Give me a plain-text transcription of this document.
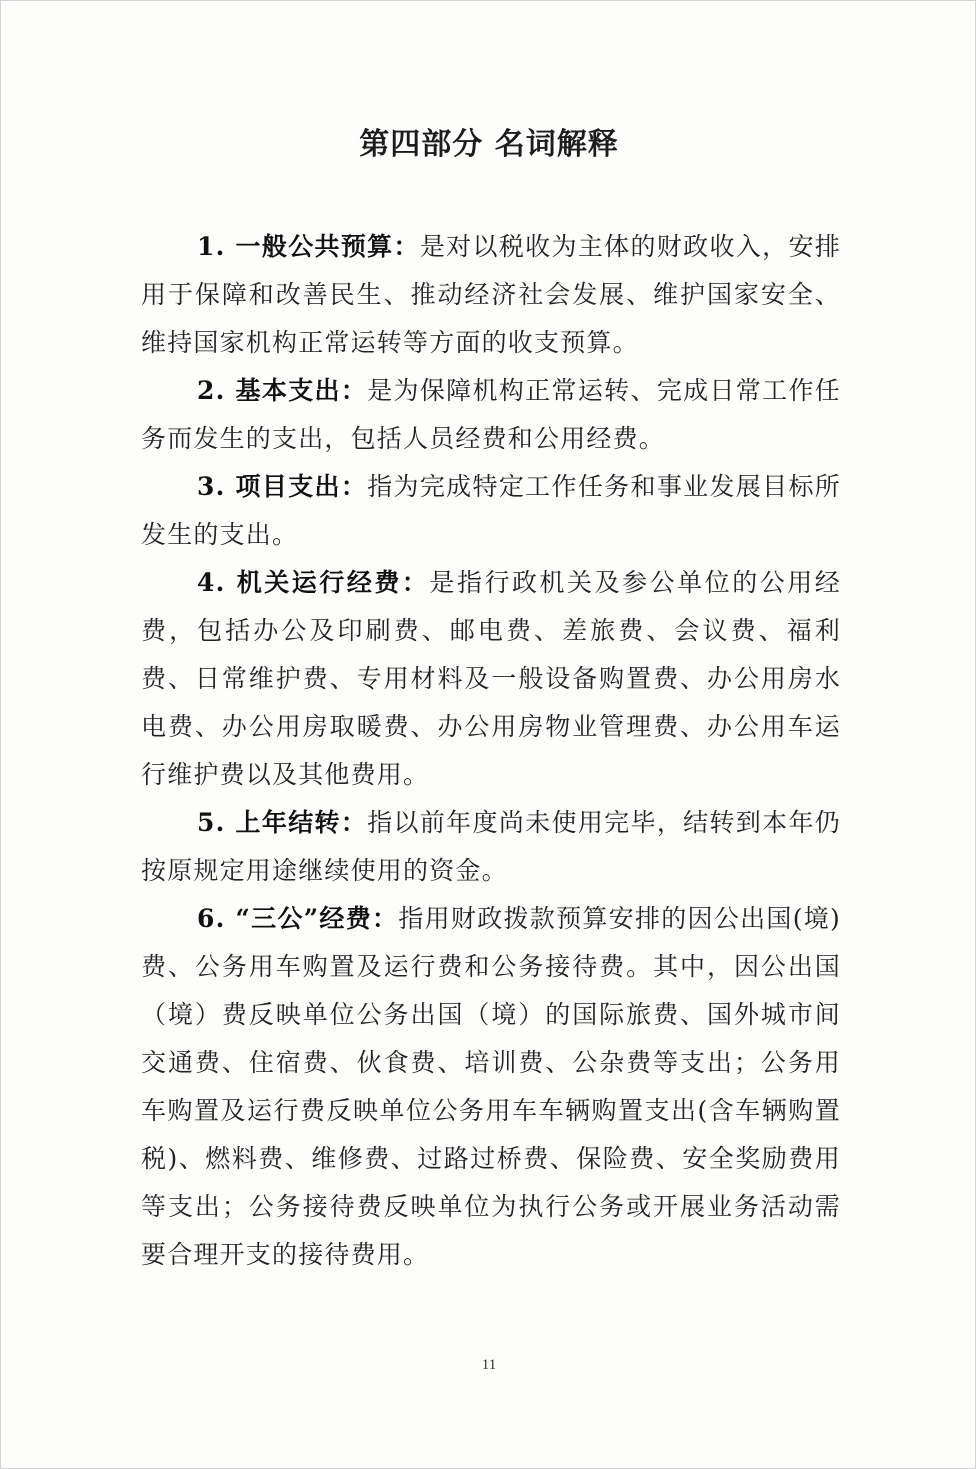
第四部分 名词解释

1. 一般公共预算：是对以税收为主体的财政收入，安排用于保障和改善民生、推动经济社会发展、维护国家安全、维持国家机构正常运转等方面的收支预算。

2. 基本支出：是为保障机构正常运转、完成日常工作任务而发生的支出，包括人员经费和公用经费。

3. 项目支出：指为完成特定工作任务和事业发展目标所发生的支出。

4. 机关运行经费：是指行政机关及参公单位的公用经费，包括办公及印刷费、邮电费、差旅费、会议费、福利费、日常维护费、专用材料及一般设备购置费、办公用房水电费、办公用房取暖费、办公用房物业管理费、办公用车运行维护费以及其他费用。

5. 上年结转：指以前年度尚未使用完毕，结转到本年仍按原规定用途继续使用的资金。

6. “三公”经费：指用财政拨款预算安排的因公出国(境)费、公务用车购置及运行费和公务接待费。其中，因公出国（境）费反映单位公务出国（境）的国际旅费、国外城市间交通费、住宿费、伙食费、培训费、公杂费等支出；公务用车购置及运行费反映单位公务用车车辆购置支出(含车辆购置税)、燃料费、维修费、过路过桥费、保险费、安全奖励费用等支出；公务接待费反映单位为执行公务或开展业务活动需要合理开支的接待费用。

11
